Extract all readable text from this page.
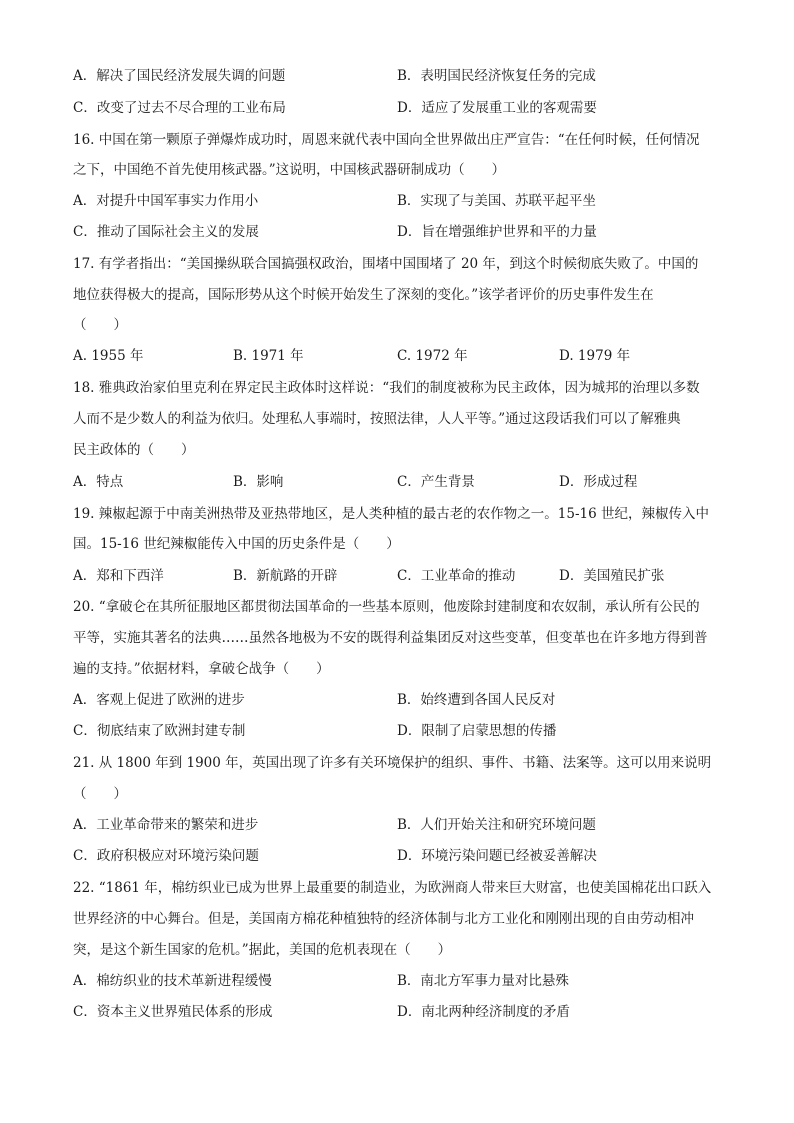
A．解决了国民经济发展失调的问题	B．表明国民经济恢复任务的完成
C．改变了过去不尽合理的工业布局	D．适应了发展重工业的客观需要
16. 中国在第一颗原子弹爆炸成功时，周恩来就代表中国向全世界做出庄严宣告：“在任何时候，任何情况
之下，中国绝不首先使用核武器。”这说明，中国核武器研制成功（　　）
A．对提升中国军事实力作用小	B．实现了与美国、苏联平起平坐
C．推动了国际社会主义的发展	D．旨在增强维护世界和平的力量
17. 有学者指出：“美国操纵联合国搞强权政治，围堵中国围堵了 20 年，到这个时候彻底失败了。中国的
地位获得极大的提高，国际形势从这个时候开始发生了深刻的变化。”该学者评价的历史事件发生在
（　　）
A. 1955 年	B. 1971 年	C. 1972 年	D. 1979 年
18. 雅典政治家伯里克利在界定民主政体时这样说：“我们的制度被称为民主政体，因为城邦的治理以多数
人而不是少数人的利益为依归。处理私人事端时，按照法律，人人平等。”通过这段话我们可以了解雅典
民主政体的（　　）
A．特点	B．影响	C．产生背景	D．形成过程
19. 辣椒起源于中南美洲热带及亚热带地区，是人类种植的最古老的农作物之一。15-16 世纪，辣椒传入中
国。15-16 世纪辣椒能传入中国的历史条件是（　　）
A．郑和下西洋	B．新航路的开辟	C．工业革命的推动	D．美国殖民扩张
20. “拿破仑在其所征服地区都贯彻法国革命的一些基本原则，他废除封建制度和农奴制，承认所有公民的
平等，实施其著名的法典……虽然各地极为不安的既得利益集团反对这些变革，但变革也在许多地方得到普
遍的支持。”依据材料，拿破仑战争（　　）
A．客观上促进了欧洲的进步	B．始终遭到各国人民反对
C．彻底结束了欧洲封建专制	D．限制了启蒙思想的传播
21. 从 1800 年到 1900 年，英国出现了许多有关环境保护的组织、事件、书籍、法案等。这可以用来说明
（　　）
A．工业革命带来的繁荣和进步	B．人们开始关注和研究环境问题
C．政府积极应对环境污染问题	D．环境污染问题已经被妥善解决
22. “1861 年，棉纺织业已成为世界上最重要的制造业，为欧洲商人带来巨大财富，也使美国棉花出口跃入
世界经济的中心舞台。但是，美国南方棉花种植独特的经济体制与北方工业化和刚刚出现的自由劳动相冲
突，是这个新生国家的危机。”据此，美国的危机表现在（　　）
A．棉纺织业的技术革新进程缓慢	B．南北方军事力量对比悬殊
C．资本主义世界殖民体系的形成	D．南北两种经济制度的矛盾
